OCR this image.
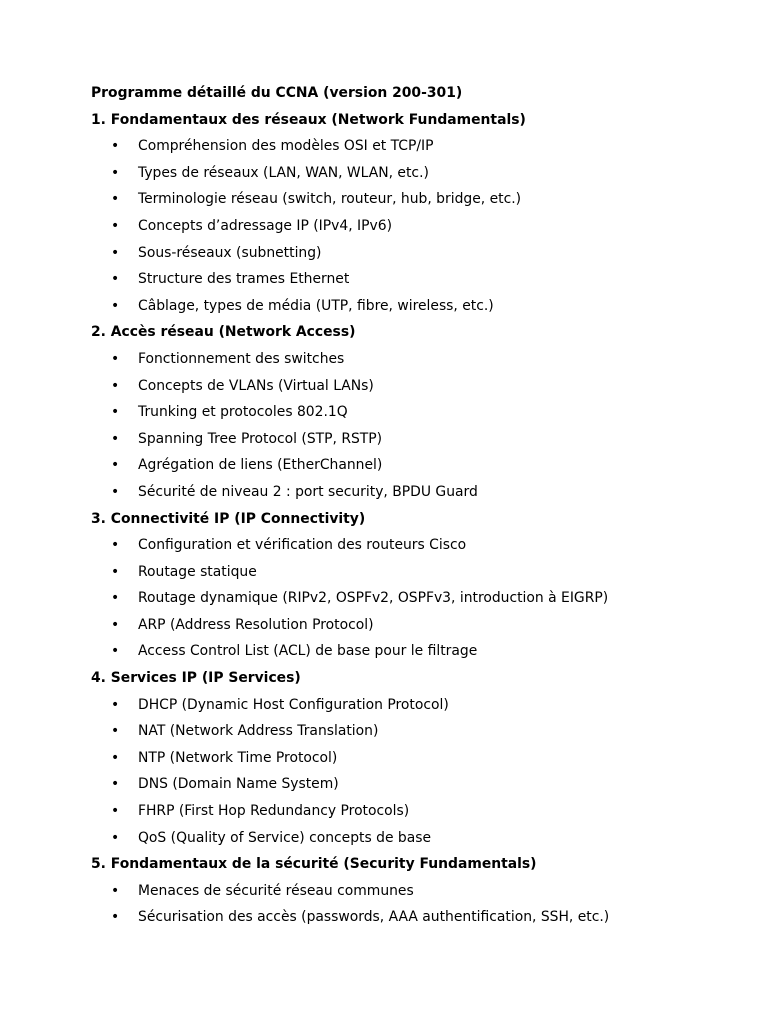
Programme détaillé du CCNA (version 200-301)
1. Fondamentaux des réseaux (Network Fundamentals)
• Compréhension des modèles OSI et TCP/IP
• Types de réseaux (LAN, WAN, WLAN, etc.)
• Terminologie réseau (switch, routeur, hub, bridge, etc.)
• Concepts d’adressage IP (IPv4, IPv6)
• Sous-réseaux (subnetting)
• Structure des trames Ethernet
• Câblage, types de média (UTP, fibre, wireless, etc.)
2. Accès réseau (Network Access)
• Fonctionnement des switches
• Concepts de VLANs (Virtual LANs)
• Trunking et protocoles 802.1Q
• Spanning Tree Protocol (STP, RSTP)
• Agrégation de liens (EtherChannel)
• Sécurité de niveau 2 : port security, BPDU Guard
3. Connectivité IP (IP Connectivity)
• Configuration et vérification des routeurs Cisco
• Routage statique
• Routage dynamique (RIPv2, OSPFv2, OSPFv3, introduction à EIGRP)
• ARP (Address Resolution Protocol)
• Access Control List (ACL) de base pour le filtrage
4. Services IP (IP Services)
• DHCP (Dynamic Host Configuration Protocol)
• NAT (Network Address Translation)
• NTP (Network Time Protocol)
• DNS (Domain Name System)
• FHRP (First Hop Redundancy Protocols)
• QoS (Quality of Service) concepts de base
5. Fondamentaux de la sécurité (Security Fundamentals)
• Menaces de sécurité réseau communes
• Sécurisation des accès (passwords, AAA authentification, SSH, etc.)
